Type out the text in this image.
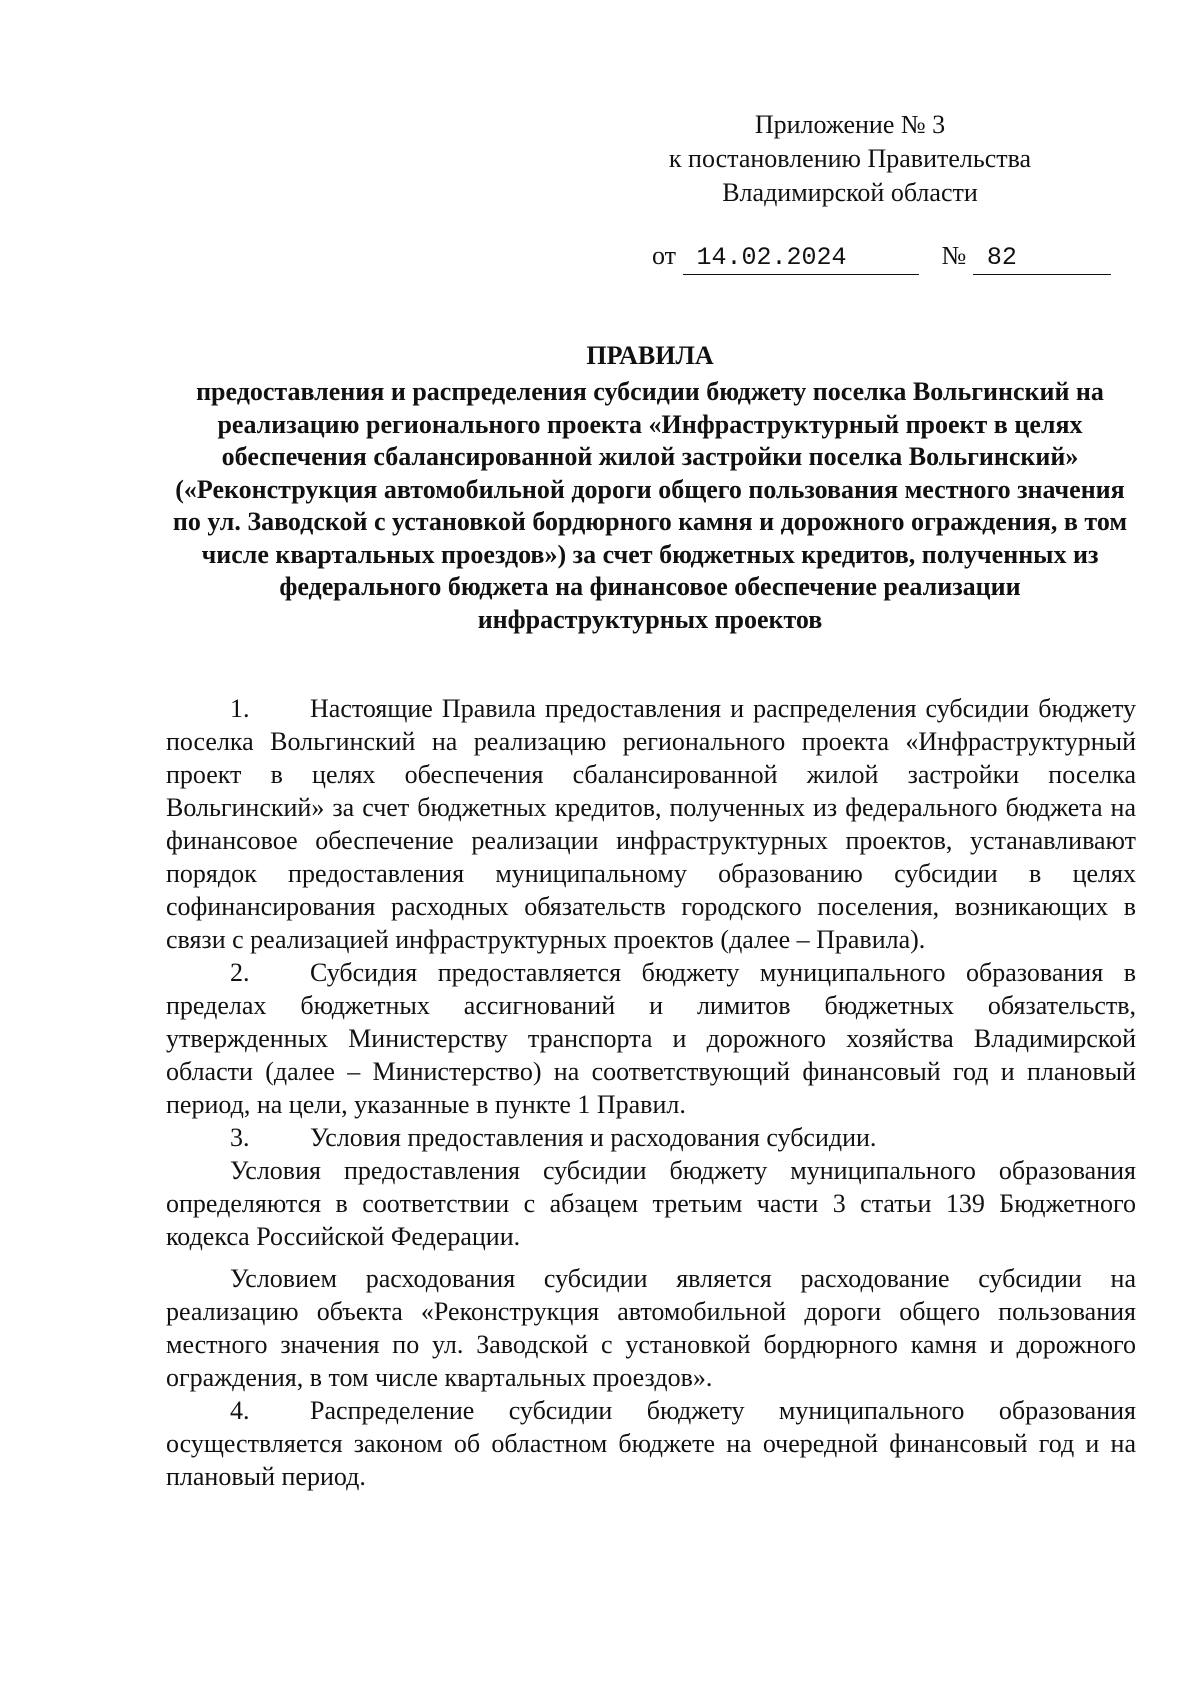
Приложение № 3
к постановлению Правительства
Владимирской области
от 14.02.2024	№ 82
ПРАВИЛА
предоставления и распределения субсидии бюджету поселка Вольгинский на реализацию регионального проекта «Инфраструктурный проект в целях обеспечения сбалансированной жилой застройки поселка Вольгинский» («Реконструкция автомобильной дороги общего пользования местного значения по ул. Заводской с установкой бордюрного камня и дорожного ограждения, в том числе квартальных проездов») за счет бюджетных кредитов, полученных из федерального бюджета на финансовое обеспечение реализации инфраструктурных проектов

1. Настоящие Правила предоставления и распределения субсидии бюджету поселка Вольгинский на реализацию регионального проекта «Инфраструктурный проект в целях обеспечения сбалансированной жилой застройки поселка Вольгинский» за счет бюджетных кредитов, полученных из федерального бюджета на финансовое обеспечение реализации инфраструктурных проектов, устанавливают порядок предоставления муниципальному образованию субсидии в целях софинансирования расходных обязательств городского поселения, возникающих в связи с реализацией инфраструктурных проектов (далее – Правила).

2. Субсидия предоставляется бюджету муниципального образования в пределах бюджетных ассигнований и лимитов бюджетных обязательств, утвержденных Министерству транспорта и дорожного хозяйства Владимирской области (далее – Министерство) на соответствующий финансовый год и плановый период, на цели, указанные в пункте 1 Правил.

3. Условия предоставления и расходования субсидии.

Условия предоставления субсидии бюджету муниципального образования определяются в соответствии с абзацем третьим части 3 статьи 139 Бюджетного кодекса Российской Федерации.

Условием расходования субсидии является расходование субсидии на реализацию объекта «Реконструкция автомобильной дороги общего пользования местного значения по ул. Заводской с установкой бордюрного камня и дорожного ограждения, в том числе квартальных проездов».

4. Распределение субсидии бюджету муниципального образования осуществляется законом об областном бюджете на очередной финансовый год и на плановый период.
